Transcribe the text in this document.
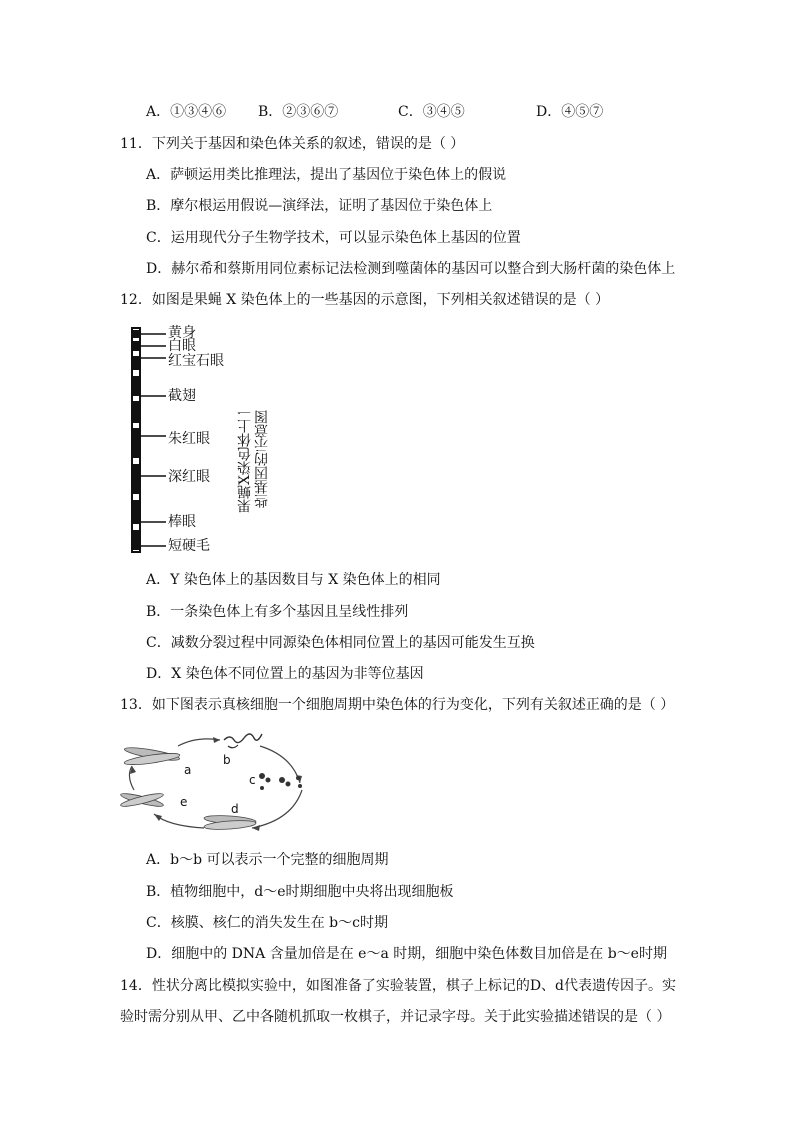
A．①③④⑥ B．②③⑥⑦	C．③④⑤	D．④⑤⑦
11．下列关于基因和染色体关系的叙述，错误的是（ ）
A．萨顿运用类比推理法，提出了基因位于染色体上的假说
B．摩尔根运用假说—演绎法，证明了基因位于染色体上
C．运用现代分子生物学技术，可以显示染色体上基因的位置
D．赫尔希和蔡斯用同位素标记法检测到噬菌体的基因可以整合到大肠杆菌的染色体上
12．如图是果蝇 X 染色体上的一些基因的示意图，下列相关叙述错误的是（ ）
黄身
白眼
红宝石眼
截翅
朱红眼
深红眼
棒眼
短硬毛
果蝇X染色体上一 些基因的示意图
A．Y 染色体上的基因数目与 X 染色体上的相同
B．一条染色体上有多个基因且呈线性排列
C．减数分裂过程中同源染色体相同位置上的基因可能发生互换
D．X 染色体不同位置上的基因为非等位基因
13．如下图表示真核细胞一个细胞周期中染色体的行为变化，下列有关叙述正确的是（ ）
a
b
c
d
e
A．b～b 可以表示一个完整的细胞周期
B．植物细胞中，d～e时期细胞中央将出现细胞板
C．核膜、核仁的消失发生在 b～c时期
D．细胞中的 DNA 含量加倍是在 e～a 时期，细胞中染色体数目加倍是在 b～e时期
14．性状分离比模拟实验中，如图准备了实验装置，棋子上标记的D、d代表遗传因子。实
验时需分别从甲、乙中各随机抓取一枚棋子，并记录字母。关于此实验描述错误的是（ ）
